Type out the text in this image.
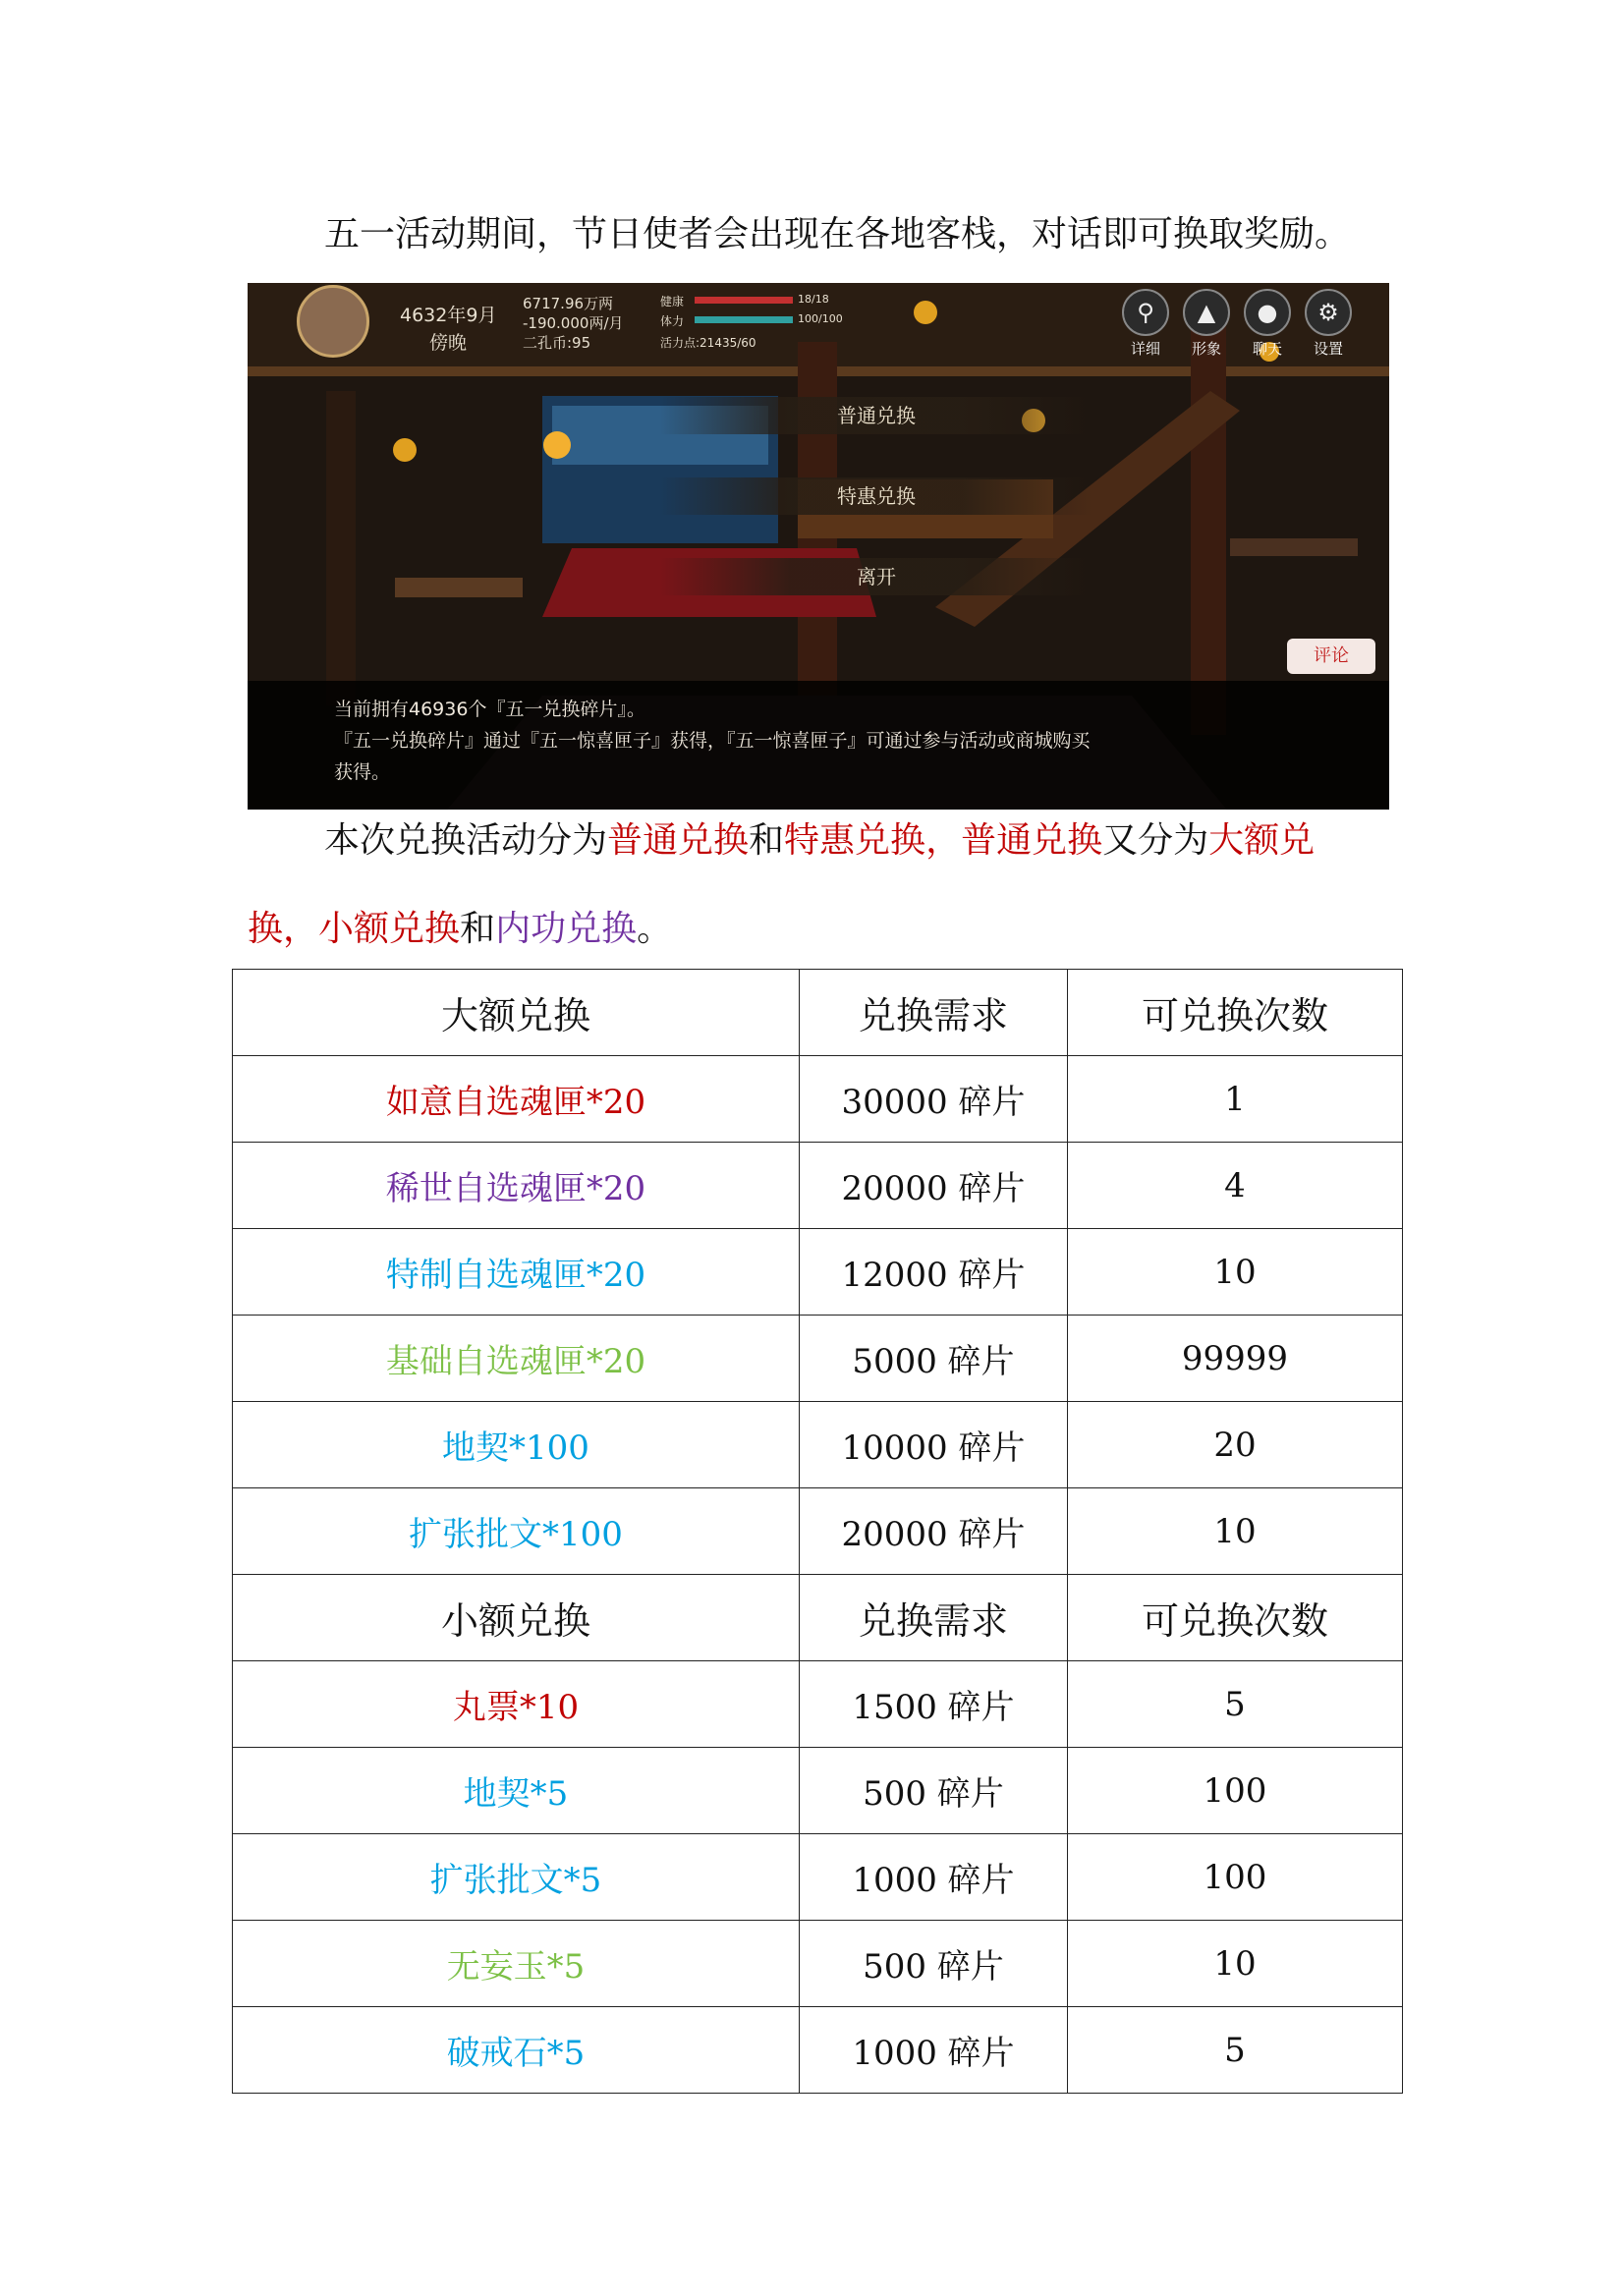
五一活动期间，节日使者会出现在各地客栈，对话即可换取奖励。
4632年9月
傍晚
6717.96万两
-190.000两/月
二孔币:95
健康	18/18
体力	100/100
活力点:21435/60
⚲
详细
▲
形象
●
聊天
⚙
设置
普通兑换
特惠兑换
离开
评论
当前拥有46936个『五一兑换碎片』。
『五一兑换碎片』通过『五一惊喜匣子』获得，『五一惊喜匣子』可通过参与活动或商城购买
获得。
本次兑换活动分为普通兑换和特惠兑换，普通兑换又分为大额兑
换，小额兑换和内功兑换。
大额兑换	兑换需求	可兑换次数
如意自选魂匣*20	30000 碎片	1
稀世自选魂匣*20	20000 碎片	4
特制自选魂匣*20	12000 碎片	10
基础自选魂匣*20	5000 碎片	99999
地契*100	10000 碎片	20
扩张批文*100	20000 碎片	10
小额兑换	兑换需求	可兑换次数
丸票*10	1500 碎片	5
地契*5	500 碎片	100
扩张批文*5	1000 碎片	100
无妄玉*5	500 碎片	10
破戒石*5	1000 碎片	5
